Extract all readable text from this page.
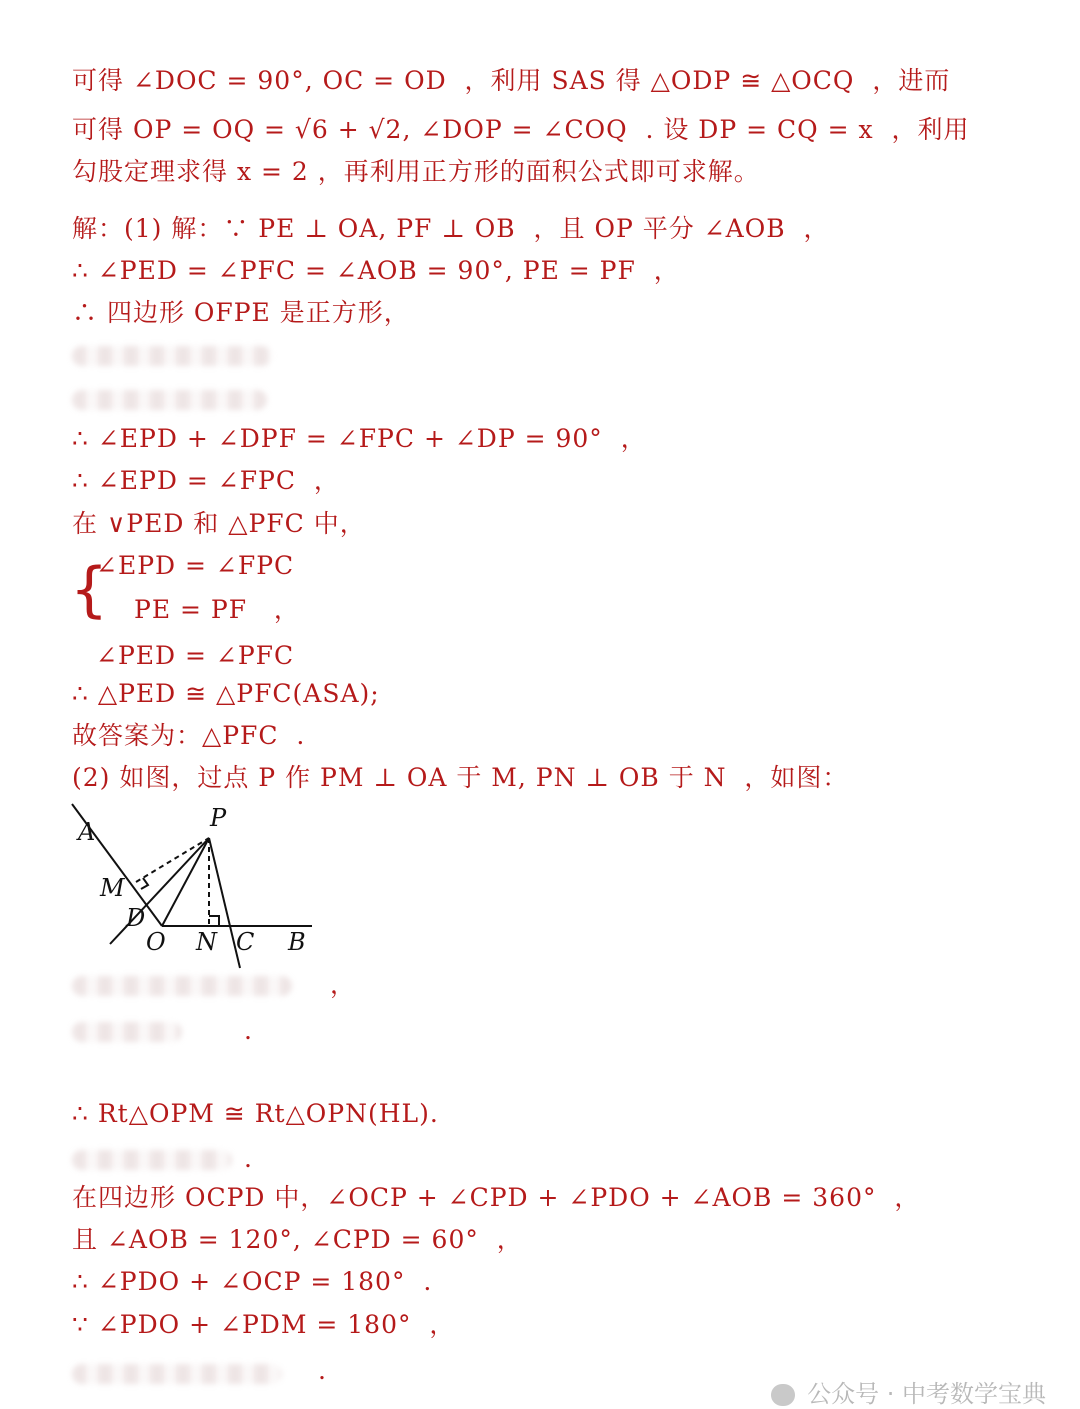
可得 ∠DOC = 90°, OC = OD  ，利用 SAS 得 △ODP ≅ △OCQ  ，进而
可得 OP = OQ = √6 + √2, ∠DOP = ∠COQ  . 设 DP = CQ = x  ，利用
勾股定理求得 x = 2 ，再利用正方形的面积公式即可求解。
解：(1) 解：∵ PE ⊥ OA, PF ⊥ OB  ，且 OP 平分 ∠AOB  ，
∴ ∠PED = ∠PFC = ∠AOB = 90°, PE = PF  ，
∴ 四边形 OFPE 是正方形，
∴ ∠EPD + ∠DPF = ∠FPC + ∠DP = 90°  ，
∴ ∠EPD = ∠FPC  ，
在 ∨PED 和 △PFC 中，
{
∠EPD = ∠FPC
PE = PF   ，
∠PED = ∠PFC
∴ △PED ≅ △PFC(ASA);
故答案为：△PFC  .
(2) 如图，过点 P 作 PM ⊥ OA 于 M, PN ⊥ OB 于 N  ，如图：
A	P
M
D
O N C B
，
.
∴ Rt△OPM ≅ Rt△OPN(HL).
.
在四边形 OCPD 中，∠OCP + ∠CPD + ∠PDO + ∠AOB = 360°  ，
且 ∠AOB = 120°, ∠CPD = 60°  ，
∴ ∠PDO + ∠OCP = 180°  .
∵ ∠PDO + ∠PDM = 180°  ，
.
公众号 · 中考数学宝典
